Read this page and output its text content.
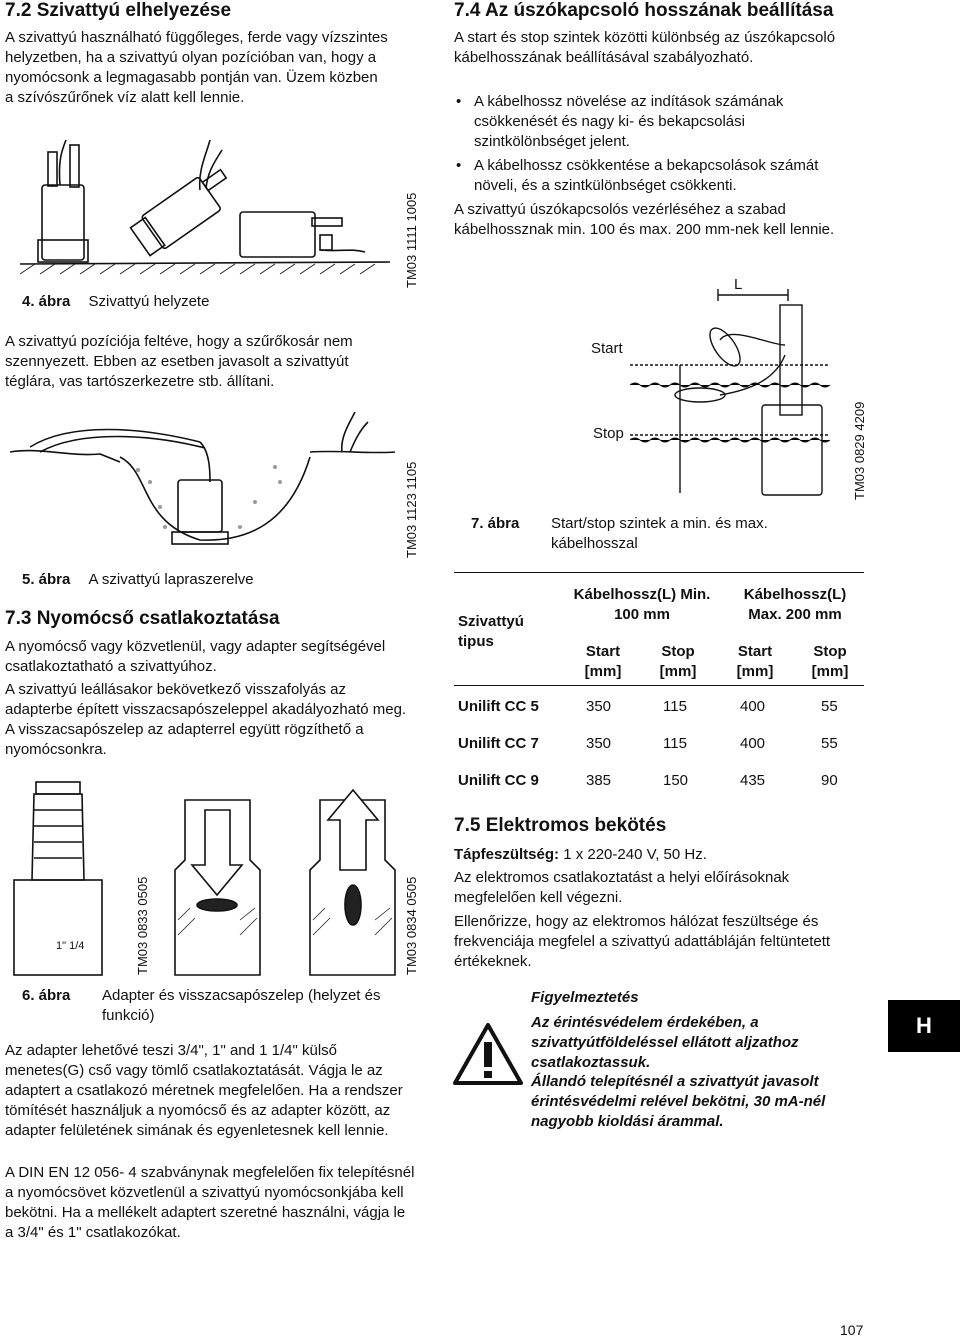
7.2 Szivattyú elhelyezése
A szivattyú használható függőleges, ferde vagy vízszintes helyzetben, ha a szivattyú olyan pozícióban van, hogy a nyomócsonk a legmagasabb pontján van. Üzem közben a szívószűrőnek víz alatt kell lennie.
TM03 1111 1005
4. ábra Szivattyú helyzete
A szivattyú pozíciója feltéve, hogy a szűrőkosár nem szennyezett. Ebben az esetben javasolt a szivattyút téglára, vas tartószerkezetre stb. állítani.
TM03 1123 1105
5. ábra A szivattyú lapraszerelve
7.3 Nyomócső csatlakoztatása
A nyomócső vagy közvetlenül, vagy adapter segítségével csatlakoztatható a szivattyúhoz.
A szivattyú leállásakor bekövetkező visszafolyás az adapterbe épített visszacsapószeleppel akadályozható meg. A visszacsapószelep az adapterrel együtt rögzíthető a nyomócsonkra.
1" 1/4	TM03 0833 0505	TM03 0834 0505
6. ábra Adapter és visszacsapószelep (helyzet és funkció)
Az adapter lehetővé teszi 3/4", 1" and 1 1/4" külső menetes(G) cső vagy tömlő csatlakoztatását. Vágja le az adaptert a csatlakozó méretnek megfelelően. Ha a rendszer tömítését használjuk a nyomócső és az adapter között, az adapter felületének simának és egyenletesnek kell lennie.
A DIN EN 12 056- 4 szabványnak megfelelően fix telepítésnél a nyomócsövet közvetlenül a szivattyú nyomócsonkjába kell bekötni. Ha a mellékelt adaptert szeretné használni, vágja le a 3/4" és 1" csatlakozókat.
7.4 Az úszókapcsoló hosszának beállítása
A start és stop szintek közötti különbség az úszókapcsoló kábelhosszának beállításával szabályozható.
• A kábelhossz növelése az indítások számának csökkenését és nagy ki- és bekapcsolási szintkölönbséget jelent.
• A kábelhossz csökkentése a bekapcsolások számát növeli, és a szintkülönbséget csökkenti.
A szivattyú úszókapcsolós vezérléséhez a szabad kábelhossznak min. 100 és max. 200 mm-nek kell lennie.
L
Start
Stop	TM03 0829 4209
7. ábra Start/stop szintek a min. és max. kábelhosszal
Szivattyú tipus
Kábelhossz(L) Min. 100 mm
Kábelhossz(L) Max. 200 mm
Start [mm]
Stop [mm]
Start [mm]
Stop [mm]
Unilift CC 5	350	115	400	55
Unilift CC 7	350	115	400	55
Unilift CC 9	385	150	435	90
7.5 Elektromos bekötés
Tápfeszültség: 1 x 220-240 V, 50 Hz.
Az elektromos csatlakoztatást a helyi előírásoknak megfelelően kell végezni.
Ellenőrizze, hogy az elektromos hálózat feszültsége és frekvenciája megfelel a szivattyú adattábláján feltüntetett értékeknek.
Figyelmeztetés
Az érintésvédelem érdekében, a szivattyútföldeléssel ellátott aljzathoz csatlakoztassuk.
Állandó telepítésnél a szivattyút javasolt érintésvédelmi relével bekötni, 30 mA-nél nagyobb kioldási árammal.
H
107
